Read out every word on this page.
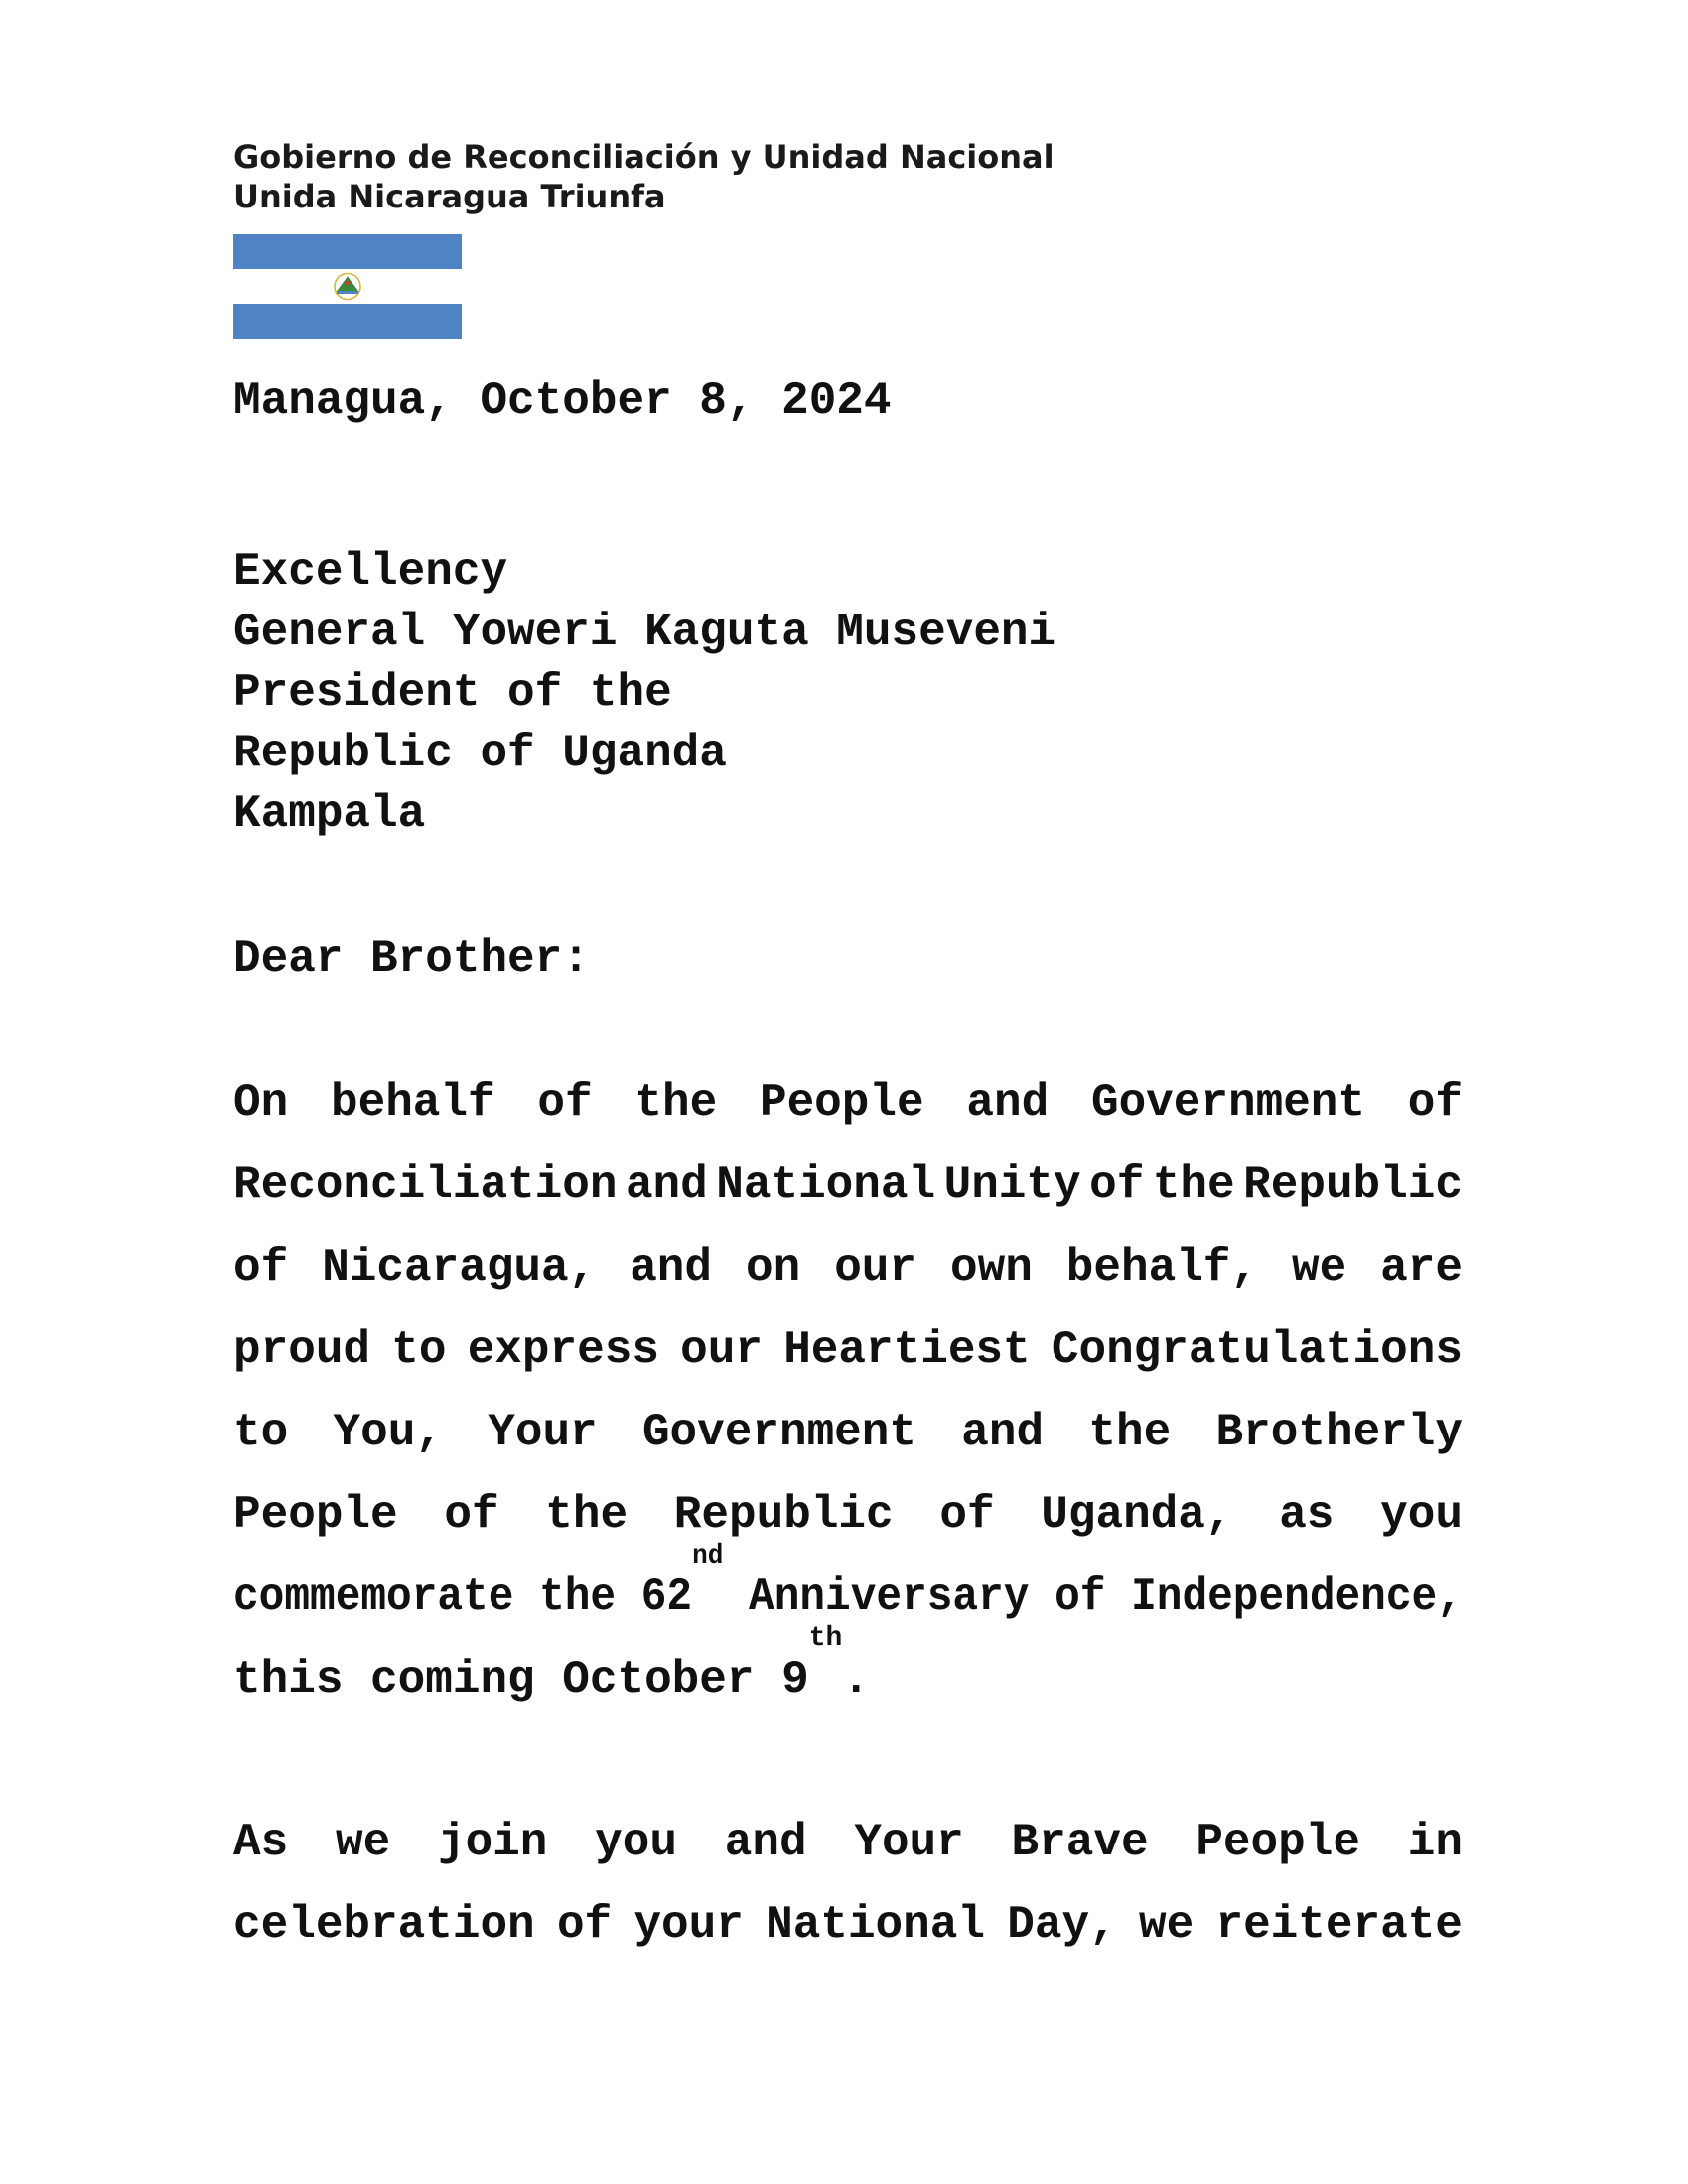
Gobierno de Reconciliación y Unidad Nacional
Unida Nicaragua Triunfa
Managua, October 8, 2024
Excellency
General Yoweri Kaguta Museveni
President of the
Republic of Uganda
Kampala
Dear Brother:
On behalf of the People and Government of
Reconciliation and National Unity of the Republic
of Nicaragua, and on our own behalf, we are
proud to express our Heartiest Congratulations
to You, Your Government and the Brotherly
People of the Republic of Uganda, as you
commemorate the 62
nd
Anniversary of Independence,
this coming October 9
th
.
As we join you and Your Brave People in
celebration of your National Day, we reiterate
